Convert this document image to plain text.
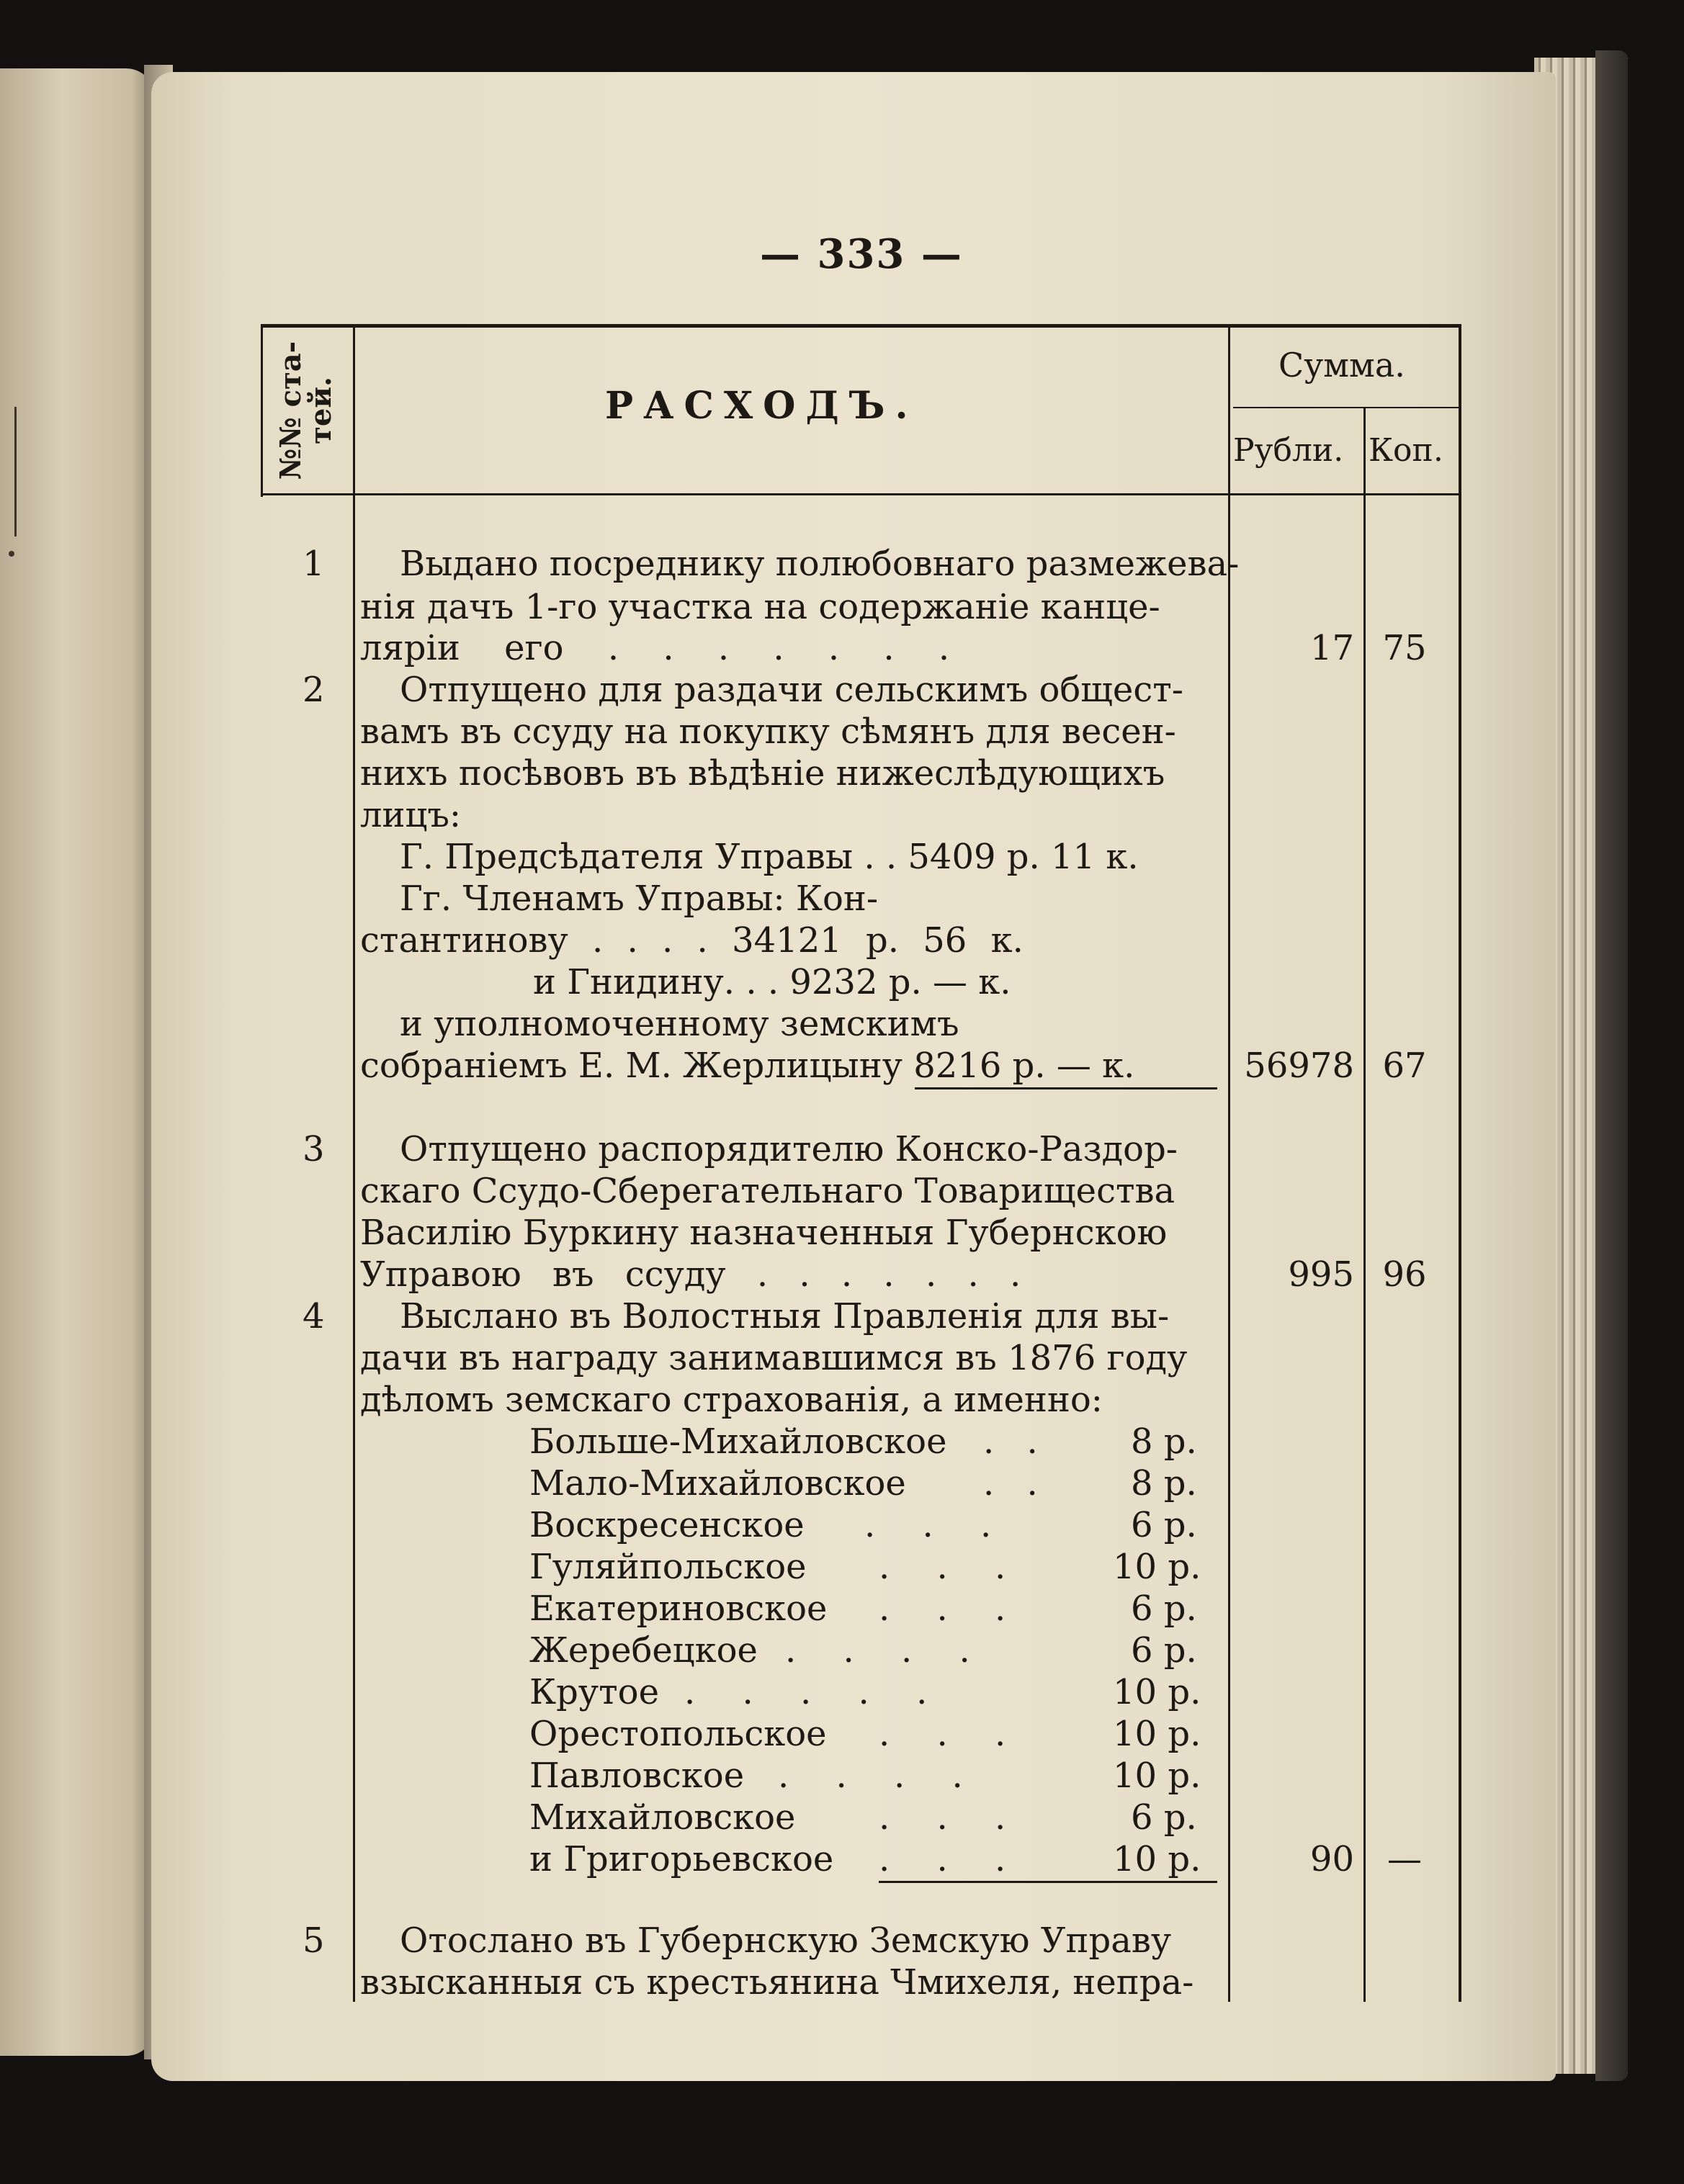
— 333 —
№№ ста-
тей.	РАСХОДЪ.
Сумма.
Рубли. Коп.
1 Выдано посреднику полюбовнаго размежева-
нія дачъ 1-го участка на содержаніе канце-
ляріи его . . . . . . .	17 75
2 Отпущено для раздачи сельскимъ общест-
вамъ въ ссуду на покупку сѣмянъ для весен-
нихъ посѣвовъ въ вѣдѣніе нижеслѣдующихъ
лицъ:
Г. Предсѣдателя Управы . . 5409 р. 11 к.
Гг. Членамъ Управы: Кон-
стантинову . . . . 34121 р. 56 к.
и Гнидину. . . 9232 р. — к.
и уполномоченному земскимъ
собраніемъ Е. М. Жерлицыну 8216 р. — к.	56978 67
3 Отпущено распорядителю Конско-Раздор-
скаго Ссудо-Сберегательнаго Товарищества
Василію Буркину назначенныя Губернскою
Управою въ ссуду . . . . . . .	995 96
4 Выслано въ Волостныя Правленія для вы-
дачи въ награду занимавшимся въ 1876 году
дѣломъ земскаго страхованія, а именно:
Больше-Михайловское . .	8 р.
Мало-Михайловское . .	8 р.
Воскресенское . . .	6 р.
Гуляйпольское . . .	10 р.
Екатериновское . . .	6 р.
Жеребецкое . . . .	6 р.
Крутое . . . . .	10 р.
Орестопольское . . .	10 р.
Павловское . . . .	10 р.
Михайловское . . .	6 р.
и Григорьевское . . .	10 р.	90 —
5 Отослано въ Губернскую Земскую Управу
взысканныя съ крестьянина Чмихеля, непра-
